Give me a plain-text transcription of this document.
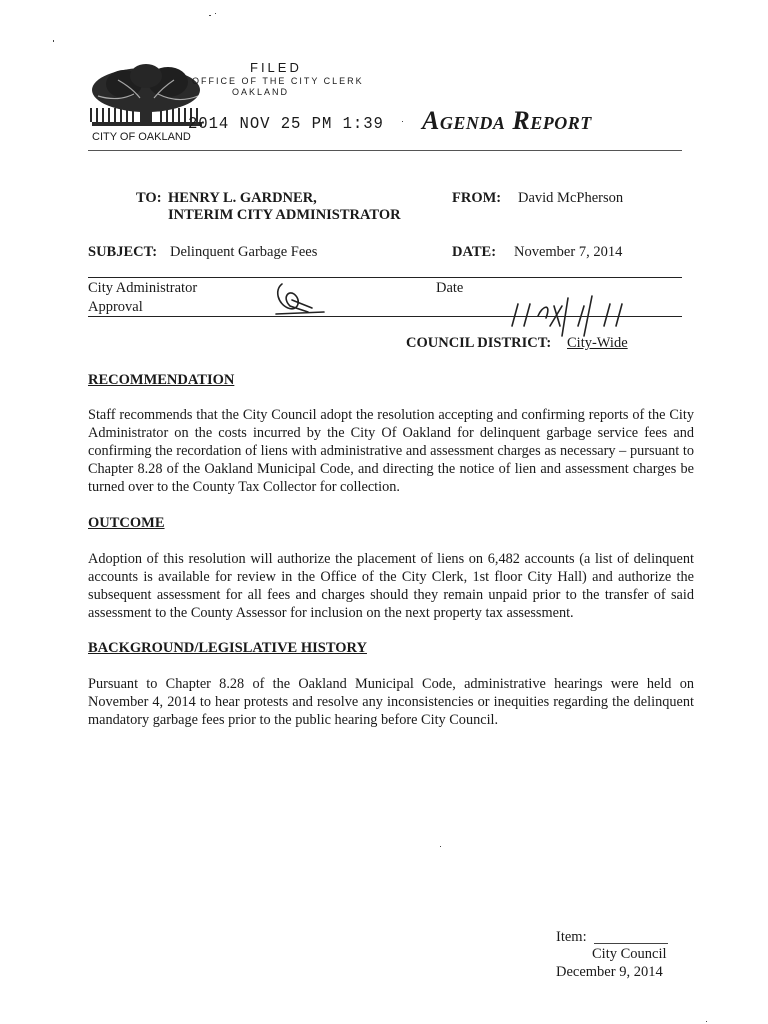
FILED
OFFICE OF THE CITY CLERK
OAKLAND
2014 NOV 25 PM 1:39
CITY OF OAKLAND
Agenda Report
TO: HENRY L. GARDNER,
INTERIM CITY ADMINISTRATOR
FROM: David McPherson
SUBJECT: Delinquent Garbage Fees	DATE: November 7, 2014
City Administrator
Approval
Date
COUNCIL DISTRICT: City-Wide
RECOMMENDATION
Staff recommends that the City Council adopt the resolution accepting and confirming reports of the City Administrator on the costs incurred by the City Of Oakland for delinquent garbage service fees and confirming the recordation of liens with administrative and assessment charges as necessary – pursuant to Chapter 8.28 of the Oakland Municipal Code, and directing the notice of lien and assessment charges be turned over to the County Tax Collector for collection.
OUTCOME
Adoption of this resolution will authorize the placement of liens on 6,482 accounts (a list of delinquent accounts is available for review in the Office of the City Clerk, 1st floor City Hall) and authorize the subsequent assessment for all fees and charges should they remain unpaid prior to the transfer of said assessment to the County Assessor for inclusion on the next property tax assessment.
BACKGROUND/LEGISLATIVE HISTORY
Pursuant to Chapter 8.28 of the Oakland Municipal Code, administrative hearings were held on November 4, 2014 to hear protests and resolve any inconsistencies or inequities regarding the delinquent mandatory garbage fees prior to the public hearing before City Council.
Item:
City Council
December 9, 2014
